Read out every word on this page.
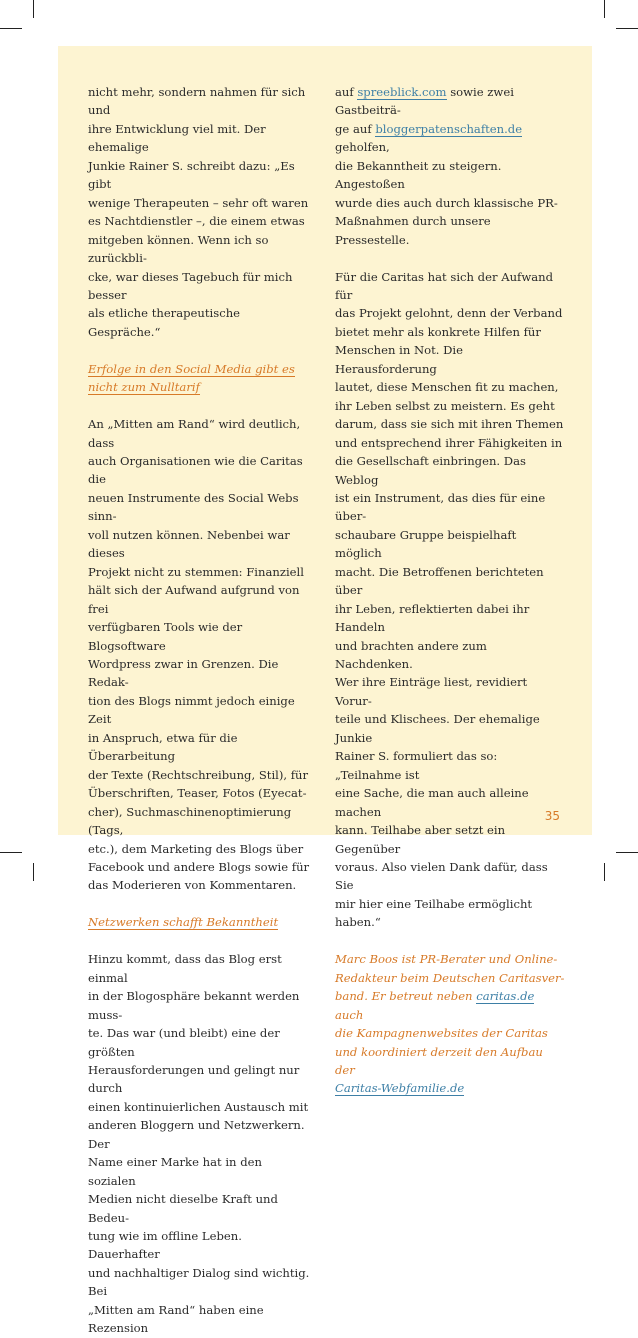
nicht mehr, sondern nahmen für sich und
ihre Entwicklung viel mit. Der ehemalige
Junkie Rainer S. schreibt dazu: „Es gibt
wenige Therapeuten – sehr oft waren
es Nachtdienstler –, die einem etwas
mitgeben können. Wenn ich so zurückbli-
cke, war dieses Tagebuch für mich besser
als etliche therapeutische Gespräche.“
Erfolge in den Social Media gibt es
nicht zum Nulltarif
An „Mitten am Rand“ wird deutlich, dass
auch Organisationen wie die Caritas die
neuen Instrumente des Social Webs sinn-
voll nutzen können. Nebenbei war dieses
Projekt nicht zu stemmen: Finanziell
hält sich der Aufwand aufgrund von frei
verfügbaren Tools wie der Blogsoftware
Wordpress zwar in Grenzen. Die Redak-
tion des Blogs nimmt jedoch einige Zeit
in Anspruch, etwa für die Überarbeitung
der Texte (Rechtschreibung, Stil), für
Überschriften, Teaser, Fotos (Eyecat-
cher), Suchmaschinenoptimierung (Tags,
etc.), dem Marketing des Blogs über
Facebook und andere Blogs sowie für
das Moderieren von Kommentaren.
Netzwerken schafft Bekanntheit
Hinzu kommt, dass das Blog erst einmal
in der Blogosphäre bekannt werden muss-
te. Das war (und bleibt) eine der größten
Herausforderungen und gelingt nur durch
einen kontinuierlichen Austausch mit
anderen Bloggern und Netzwerkern. Der
Name einer Marke hat in den sozialen
Medien nicht dieselbe Kraft und Bedeu-
tung wie im offline Leben. Dauerhafter
und nachhaltiger Dialog sind wichtig. Bei
„Mitten am Rand“ haben eine Rezension
auf spreeblick.com sowie zwei Gastbeiträ-
ge auf bloggerpatenschaften.de geholfen,
die Bekanntheit zu steigern. Angestoßen
wurde dies auch durch klassische PR-
Maßnahmen durch unsere Pressestelle.
Für die Caritas hat sich der Aufwand für
das Projekt gelohnt, denn der Verband
bietet mehr als konkrete Hilfen für
Menschen in Not. Die Herausforderung
lautet, diese Menschen fit zu machen,
ihr Leben selbst zu meistern. Es geht
darum, dass sie sich mit ihren Themen
und entsprechend ihrer Fähigkeiten in
die Gesellschaft einbringen. Das Weblog
ist ein Instrument, das dies für eine über-
schaubare Gruppe beispielhaft möglich
macht. Die Betroffenen berichteten über
ihr Leben, reflektierten dabei ihr Handeln
und brachten andere zum Nachdenken.
Wer ihre Einträge liest, revidiert Vorur-
teile und Klischees. Der ehemalige Junkie
Rainer S. formuliert das so: „Teilnahme ist
eine Sache, die man auch alleine machen
kann. Teilhabe aber setzt ein Gegenüber
voraus. Also vielen Dank dafür, dass Sie
mir hier eine Teilhabe ermöglicht haben.“
Marc Boos ist PR-Berater und Online-
Redakteur beim Deutschen Caritasver-
band. Er betreut neben caritas.de auch
die Kampagnenwebsites der Caritas
und koordiniert derzeit den Aufbau der
Caritas-Webfamilie.de
35
